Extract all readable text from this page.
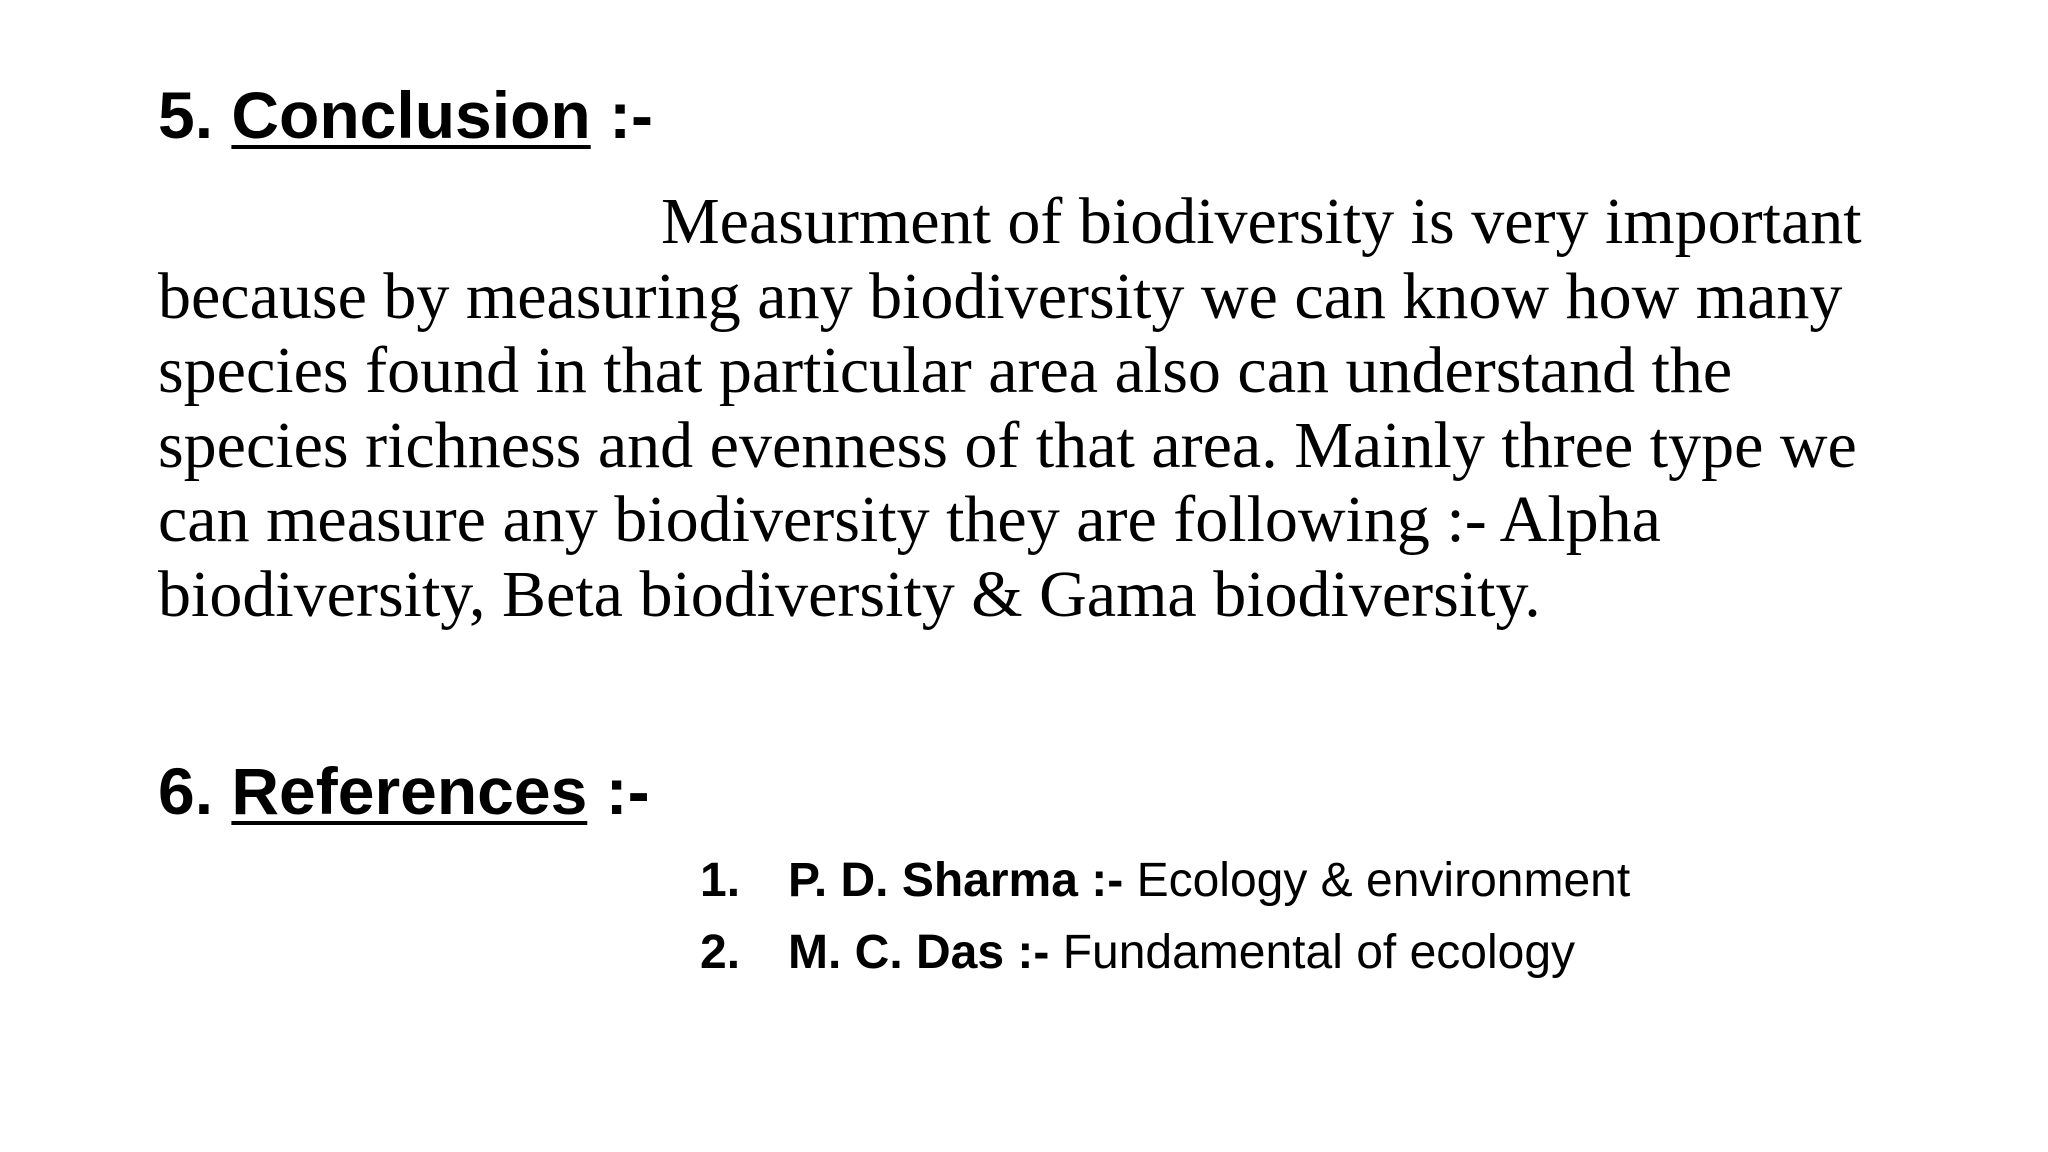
5. Conclusion :-

Measurment of biodiversity is very important because by measuring any biodiversity we can know how many species found in that particular area also can understand the species richness and evenness of that area. Mainly three type we can measure any biodiversity they are following :- Alpha biodiversity, Beta biodiversity & Gama biodiversity.

6. References :-
1. P. D. Sharma :- Ecology & environment
2. M. C. Das :- Fundamental of ecology
